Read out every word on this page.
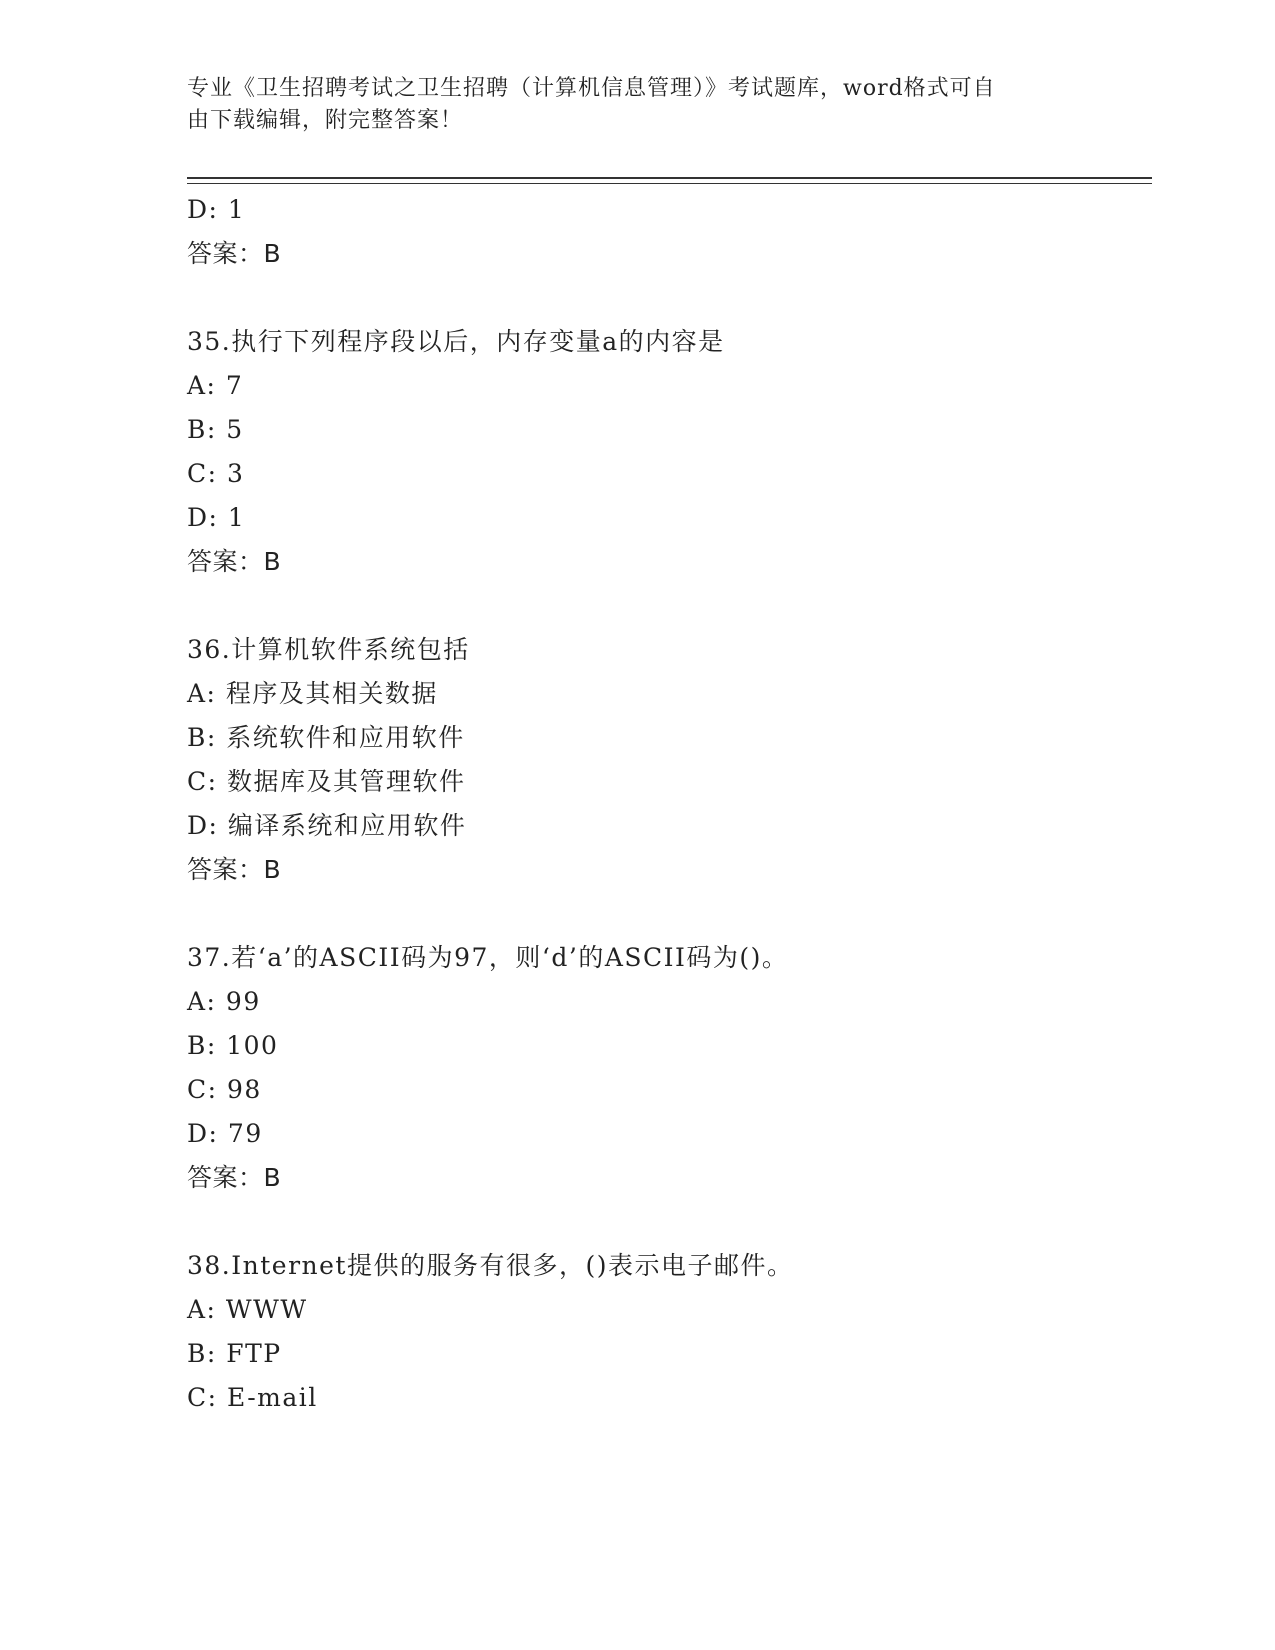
专业《卫生招聘考试之卫生招聘（计算机信息管理）》考试题库，word格式可自
由下载编辑，附完整答案！
D: 1
答案：B
35.执行下列程序段以后，内存变量a的内容是
A: 7
B: 5
C: 3
D: 1
答案：B
36.计算机软件系统包括
A: 程序及其相关数据
B: 系统软件和应用软件
C: 数据库及其管理软件
D: 编译系统和应用软件
答案：B
37.若‘a’的ASCII码为97，则‘d’的ASCII码为()。
A: 99
B: 100
C: 98
D: 79
答案：B
38.Internet提供的服务有很多，()表示电子邮件。
A: WWW
B: FTP
C: E-mail
